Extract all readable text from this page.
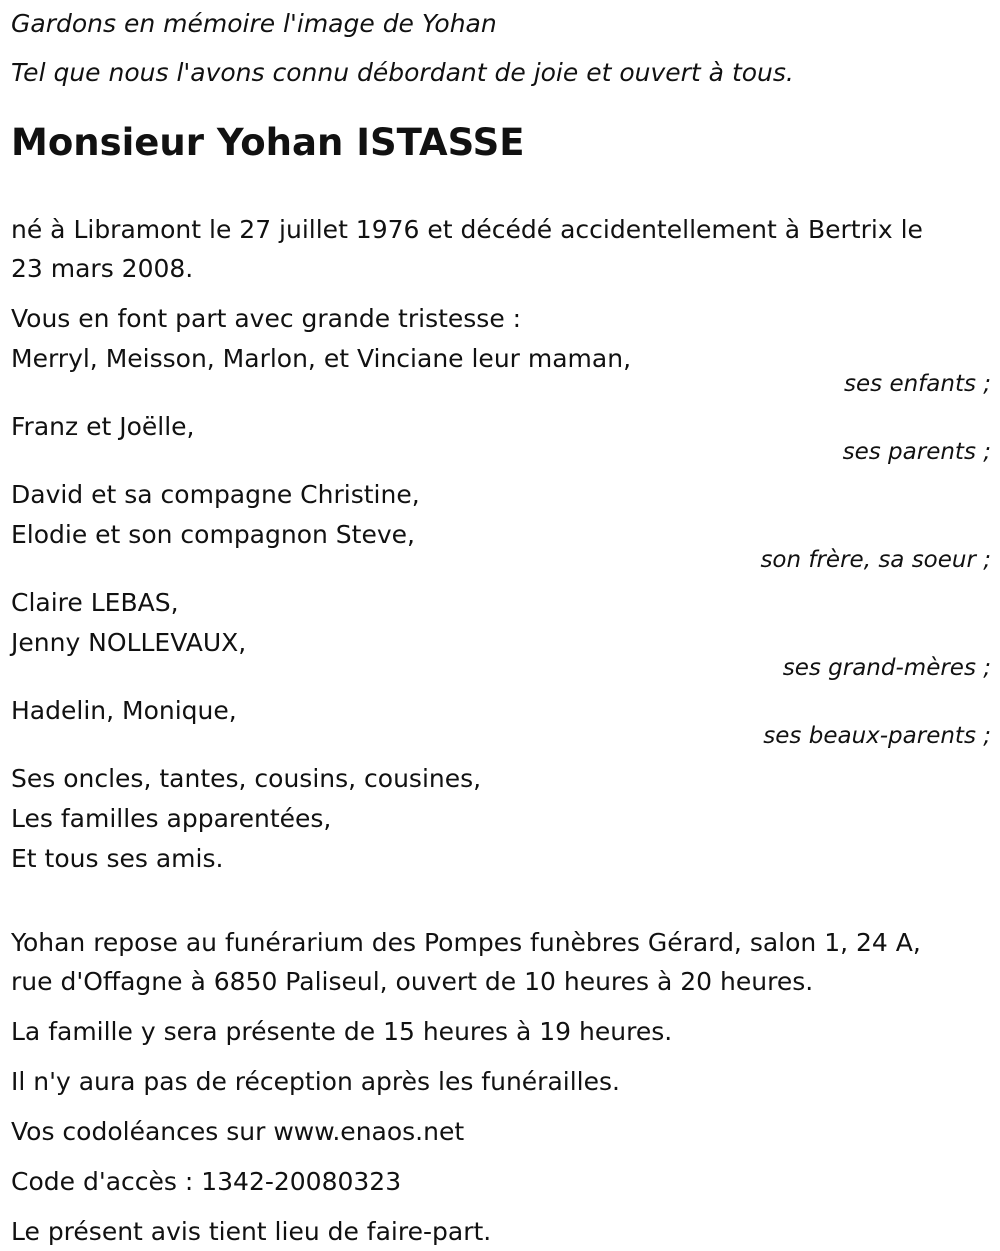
Gardons en mémoire l'image de Yohan

Tel que nous l'avons connu débordant de joie et ouvert à tous.

Monsieur Yohan ISTASSE
né à Libramont le 27 juillet 1976 et décédé accidentellement à Bertrix le
23 mars 2008.

Vous en font part avec grande tristesse :

Merryl, Meisson, Marlon, et Vinciane leur maman,

ses enfants ;

Franz et Joëlle,

ses parents ;

David et sa compagne Christine,

Elodie et son compagnon Steve,

son frère, sa soeur ;

Claire LEBAS,

Jenny NOLLEVAUX,

ses grand-mères ;

Hadelin, Monique,

ses beaux-parents ;

Ses oncles, tantes, cousins, cousines,

Les familles apparentées,

Et tous ses amis.

Yohan repose au funérarium des Pompes funèbres Gérard, salon 1, 24 A,
rue d'Offagne à 6850 Paliseul, ouvert de 10 heures à 20 heures.

La famille y sera présente de 15 heures à 19 heures.

Il n'y aura pas de réception après les funérailles.

Vos codoléances sur www.enaos.net

Code d'accès : 1342-20080323

Le présent avis tient lieu de faire-part.
